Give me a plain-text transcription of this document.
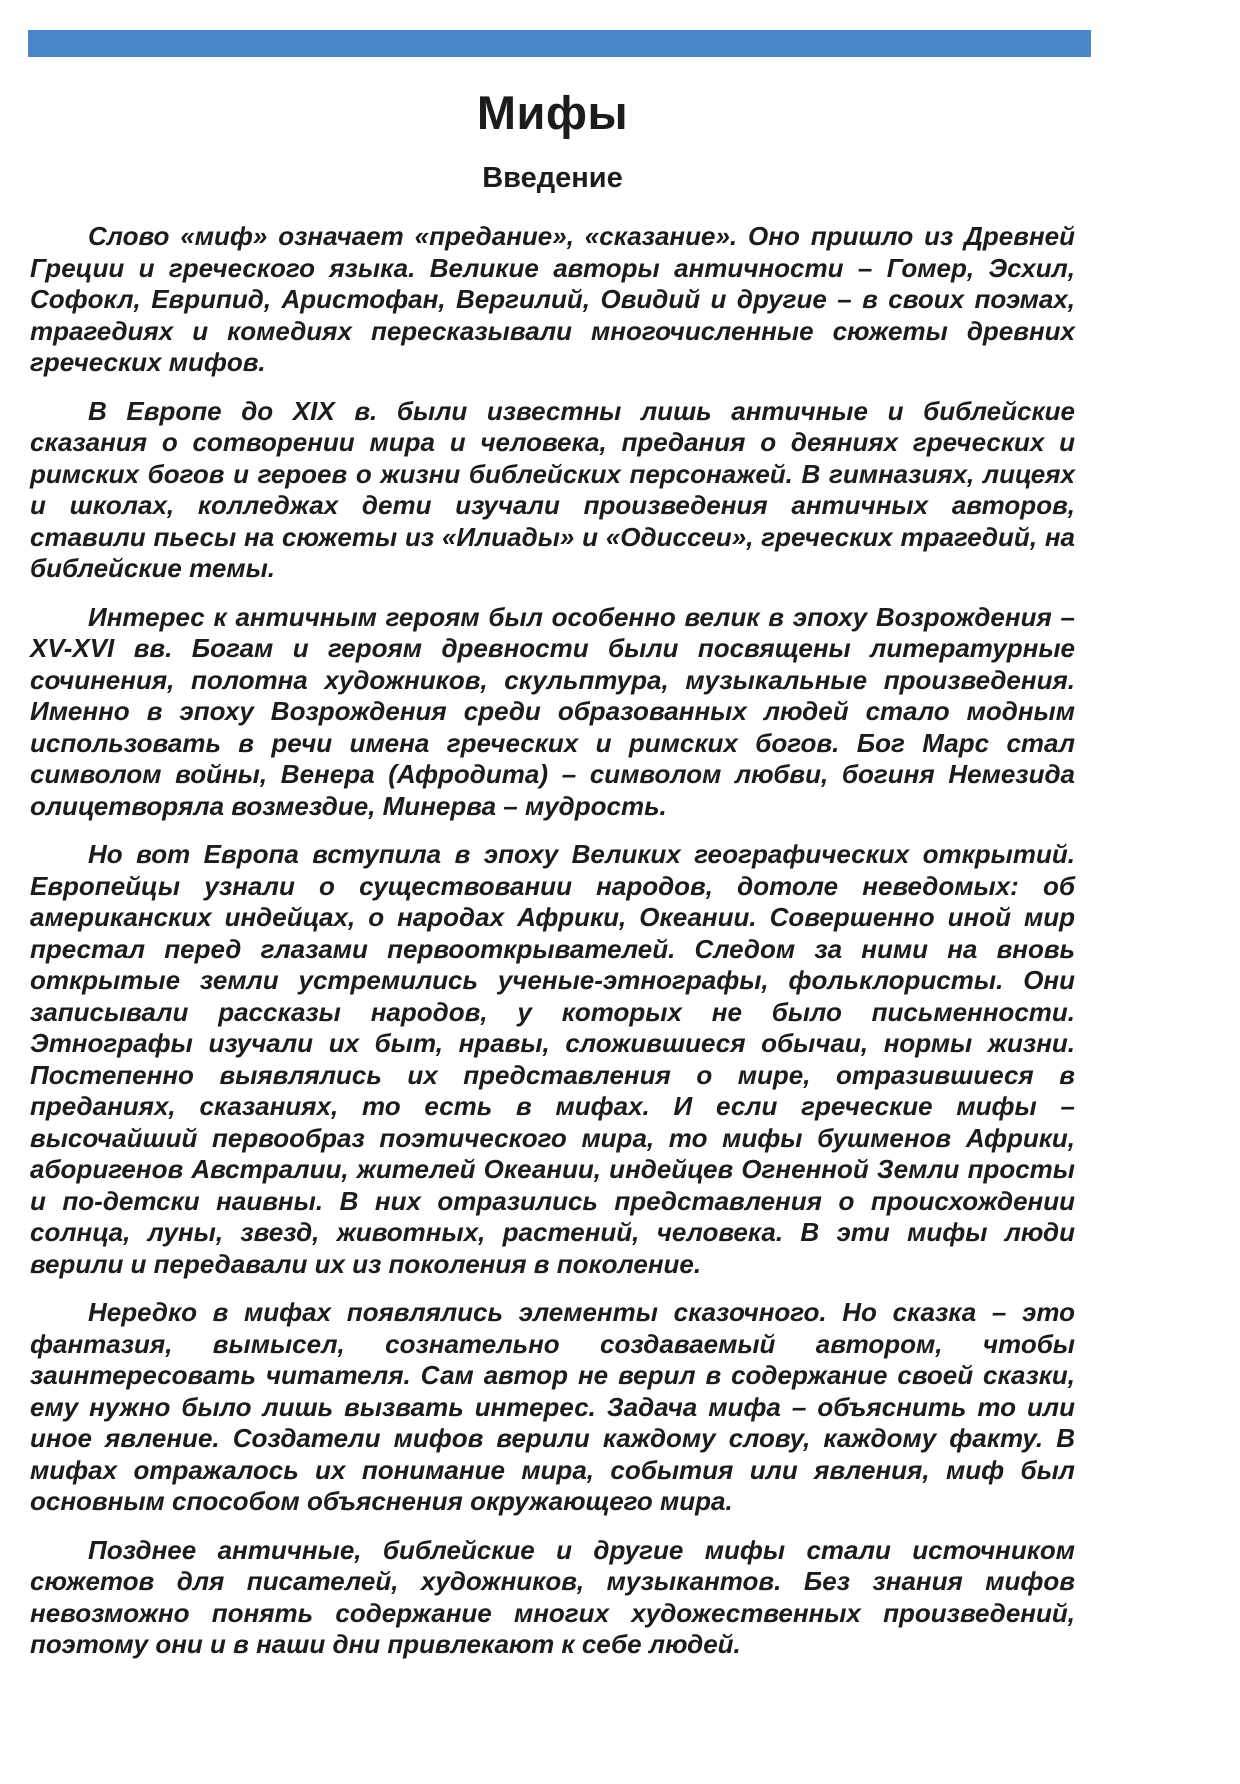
Мифы
Введение

Слово «миф» означает «предание», «сказание». Оно пришло из Древней Греции и греческого языка. Великие авторы античности – Гомер, Эсхил, Софокл, Еврипид, Аристофан, Вергилий, Овидий и другие – в своих поэмах, трагедиях и комедиях пересказывали многочисленные сюжеты древних греческих мифов.

В Европе до XIX в. были известны лишь античные и библейские сказания о сотворении мира и человека, предания о деяниях греческих и римских богов и героев о жизни библейских персонажей. В гимназиях, лицеях и школах, колледжах дети изучали произведения античных авторов, ставили пьесы на сюжеты из «Илиады» и «Одиссеи», греческих трагедий, на библейские темы.

Интерес к античным героям был особенно велик в эпоху Возрождения – XV-XVI вв. Богам и героям древности были посвящены литературные сочинения, полотна художников, скульптура, музыкальные произведения. Именно в эпоху Возрождения среди образованных людей стало модным использовать в речи имена греческих и римских богов. Бог Марс стал символом войны, Венера (Афродита) – символом любви, богиня Немезида олицетворяла возмездие, Минерва – мудрость.

Но вот Европа вступила в эпоху Великих географических открытий. Европейцы узнали о существовании народов, дотоле неведомых: об американских индейцах, о народах Африки, Океании. Совершенно иной мир престал перед глазами первооткрывателей. Следом за ними на вновь открытые земли устремились ученые-этнографы, фольклористы. Они записывали рассказы народов, у которых не было письменности. Этнографы изучали их быт, нравы, сложившиеся обычаи, нормы жизни. Постепенно выявлялись их представления о мире, отразившиеся в преданиях, сказаниях, то есть в мифах. И если греческие мифы – высочайший первообраз поэтического мира, то мифы бушменов Африки, аборигенов Австралии, жителей Океании, индейцев Огненной Земли просты и по-детски наивны. В них отразились представления о происхождении солнца, луны, звезд, животных, растений, человека. В эти мифы люди верили и передавали их из поколения в поколение.

Нередко в мифах появлялись элементы сказочного. Но сказка – это фантазия, вымысел, сознательно создаваемый автором, чтобы заинтересовать читателя. Сам автор не верил в содержание своей сказки, ему нужно было лишь вызвать интерес. Задача мифа – объяснить то или иное явление. Создатели мифов верили каждому слову, каждому факту. В мифах отражалось их понимание мира, события или явления, миф был основным способом объяснения окружающего мира.

Позднее античные, библейские и другие мифы стали источником сюжетов для писателей, художников, музыкантов. Без знания мифов невозможно понять содержание многих художественных произведений, поэтому они и в наши дни привлекают к себе людей.
